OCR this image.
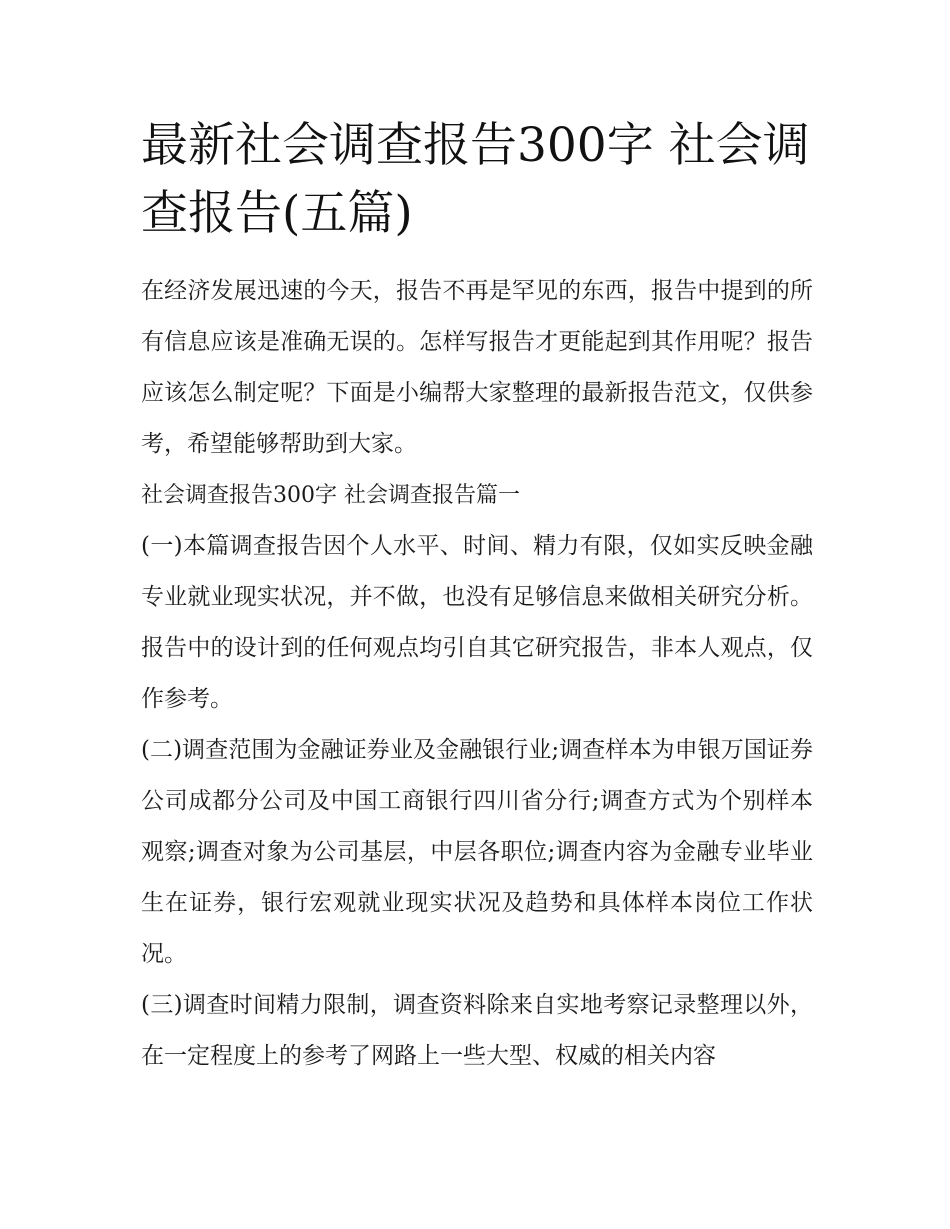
最新社会调查报告300字 社会调查报告(五篇)

在经济发展迅速的今天，报告不再是罕见的东西，报告中提到的所有信息应该是准确无误的。怎样写报告才更能起到其作用呢？报告应该怎么制定呢？下面是小编帮大家整理的最新报告范文，仅供参考，希望能够帮助到大家。

社会调查报告300字 社会调查报告篇一

(一)本篇调查报告因个人水平、时间、精力有限，仅如实反映金融专业就业现实状况，并不做，也没有足够信息来做相关研究分析。报告中的设计到的任何观点均引自其它研究报告，非本人观点，仅作参考。

(二)调查范围为金融证券业及金融银行业;调查样本为申银万国证券公司成都分公司及中国工商银行四川省分行;调查方式为个别样本观察;调查对象为公司基层，中层各职位;调查内容为金融专业毕业生在证券，银行宏观就业现实状况及趋势和具体样本岗位工作状况。

(三)调查时间精力限制，调查资料除来自实地考察记录整理以外，在一定程度上的参考了网路上一些大型、权威的相关内容
